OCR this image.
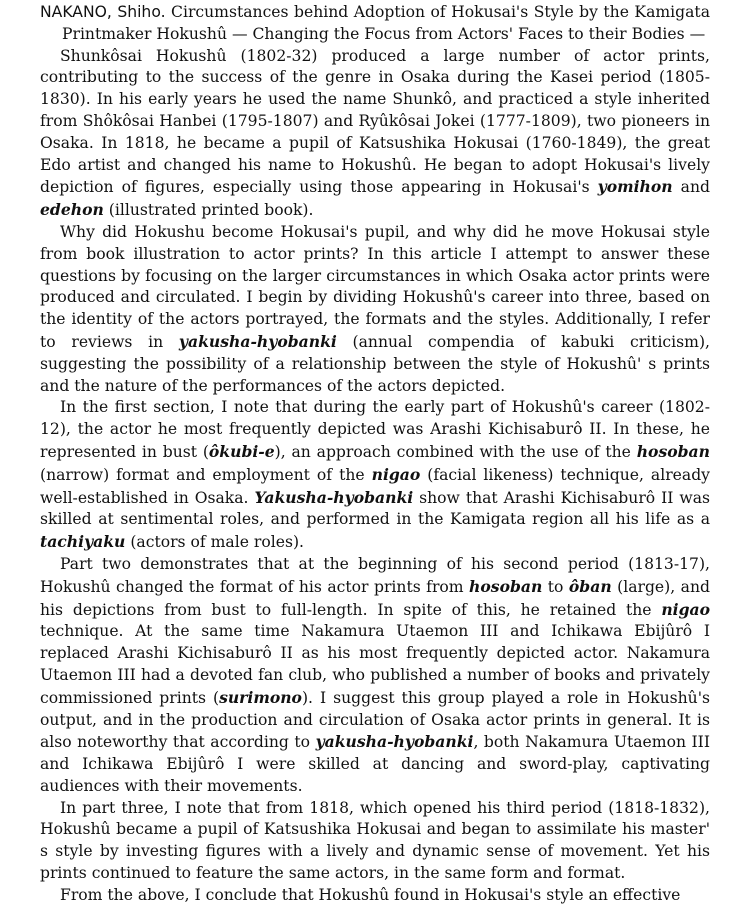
NAKANO, Shiho. Circumstances behind Adoption of Hokusai's Style by the Kamigata Printmaker Hokushû — Changing the Focus from Actors' Faces to their Bodies —

Shunkôsai Hokushû (1802-32) produced a large number of actor prints, contributing to the success of the genre in Osaka during the Kasei period (1805-1830). In his early years he used the name Shunkô, and practiced a style inherited from Shôkôsai Hanbei (1795-1807) and Ryûkôsai Jokei (1777-1809), two pioneers in Osaka. In 1818, he became a pupil of Katsushika Hokusai (1760-1849), the great Edo artist and changed his name to Hokushû. He began to adopt Hokusai's lively depiction of figures, especially using those appearing in Hokusai's yomihon and edehon (illustrated printed book).

Why did Hokushu become Hokusai's pupil, and why did he move Hokusai style from book illustration to actor prints? In this article I attempt to answer these questions by focusing on the larger circumstances in which Osaka actor prints were produced and circulated. I begin by dividing Hokushû's career into three, based on the identity of the actors portrayed, the formats and the styles. Additionally, I refer to reviews in yakusha-hyobanki (annual compendia of kabuki criticism), suggesting the possibility of a relationship between the style of Hokushû' s prints and the nature of the performances of the actors depicted.

In the first section, I note that during the early part of Hokushû's career (1802-12), the actor he most frequently depicted was Arashi Kichisaburô II. In these, he represented in bust (ôkubi-e), an approach combined with the use of the hosoban (narrow) format and employment of the nigao (facial likeness) technique, already well-established in Osaka. Yakusha-hyobanki show that Arashi Kichisaburô II was skilled at sentimental roles, and performed in the Kamigata region all his life as a tachiyaku (actors of male roles).

Part two demonstrates that at the beginning of his second period (1813-17), Hokushû changed the format of his actor prints from hosoban to ôban (large), and his depictions from bust to full-length. In spite of this, he retained the nigao technique. At the same time Nakamura Utaemon III and Ichikawa Ebijûrô I replaced Arashi Kichisaburô II as his most frequently depicted actor. Nakamura Utaemon III had a devoted fan club, who published a number of books and privately commissioned prints (surimono). I suggest this group played a role in Hokushû's output, and in the production and circulation of Osaka actor prints in general. It is also noteworthy that according to yakusha-hyobanki, both Nakamura Utaemon III and Ichikawa Ebijûrô I were skilled at dancing and sword-play, captivating audiences with their movements.

In part three, I note that from 1818, which opened his third period (1818-1832), Hokushû became a pupil of Katsushika Hokusai and began to assimilate his master' s style by investing figures with a lively and dynamic sense of movement. Yet his prints continued to feature the same actors, in the same form and format.

From the above, I conclude that Hokushû found in Hokusai's style an effective
